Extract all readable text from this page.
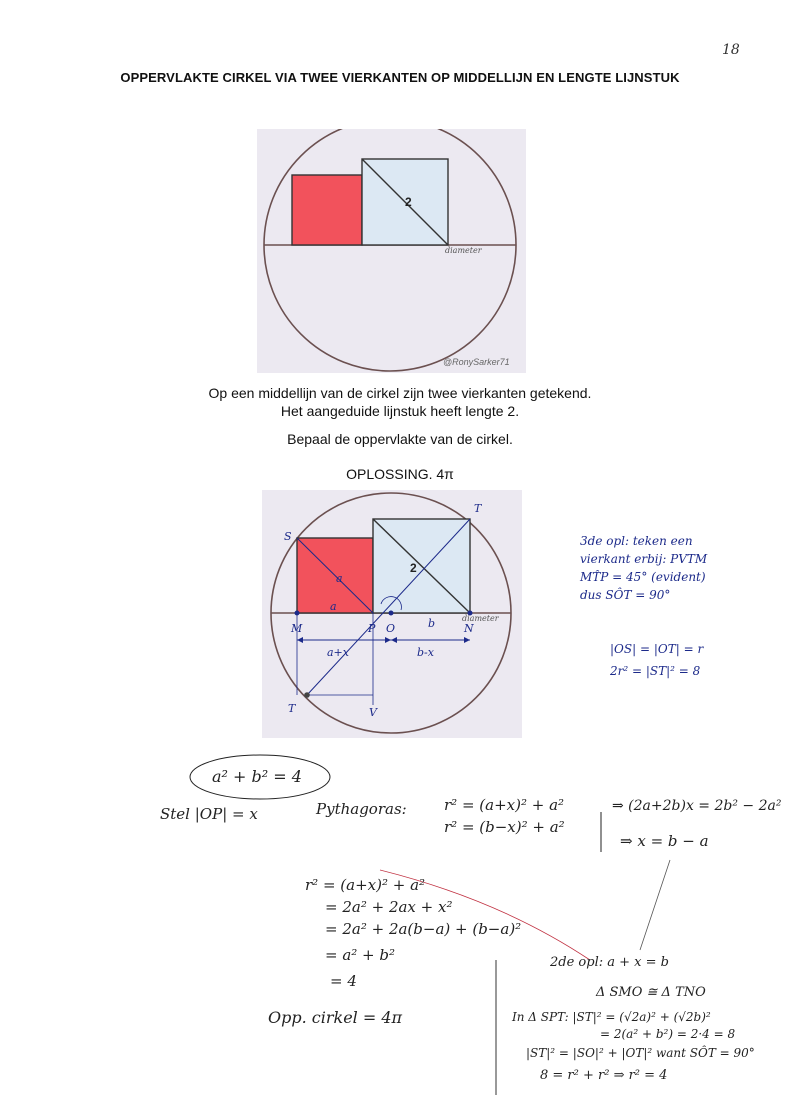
18
OPPERVLAKTE CIRKEL VIA TWEE VIERKANTEN OP MIDDELLIJN EN LENGTE LIJNSTUK
2
diameter
@RonySarker71
Op een middellijn van de cirkel zijn twee vierkanten getekend.
Het aangeduide lijnstuk heeft lengte 2.
Bepaal de oppervlakte van de cirkel.
OPLOSSING. 4π
2
diameter
S
T
M	P O	N
T	V
a
a
b
a+x	b-x
3de opl: teken een
vierkant erbij: PVTM
MT̂P = 45° (evident)
dus SÔT = 90°
|OS| = |OT| = r
2r² = |ST|² = 8
a² + b² = 4
Stel |OP| = x	Pythagoras: r² = (a+x)² + a²
r² = (b−x)² + a²
⇒ (2a+2b)x = 2b² − 2a²
⇒ x = b − a
r² = (a+x)² + a²
= 2a² + 2ax + x²
= 2a² + 2a(b−a) + (b−a)²
= a² + b²
= 4
Opp. cirkel = 4π
2de opl: a + x = b
Δ SMO ≅ Δ TNO
In Δ SPT: |ST|² = (√2a)² + (√2b)²
= 2(a² + b²) = 2·4 = 8
|ST|² = |SO|² + |OT|² want SÔT = 90°
8 = r² + r² ⇒ r² = 4
